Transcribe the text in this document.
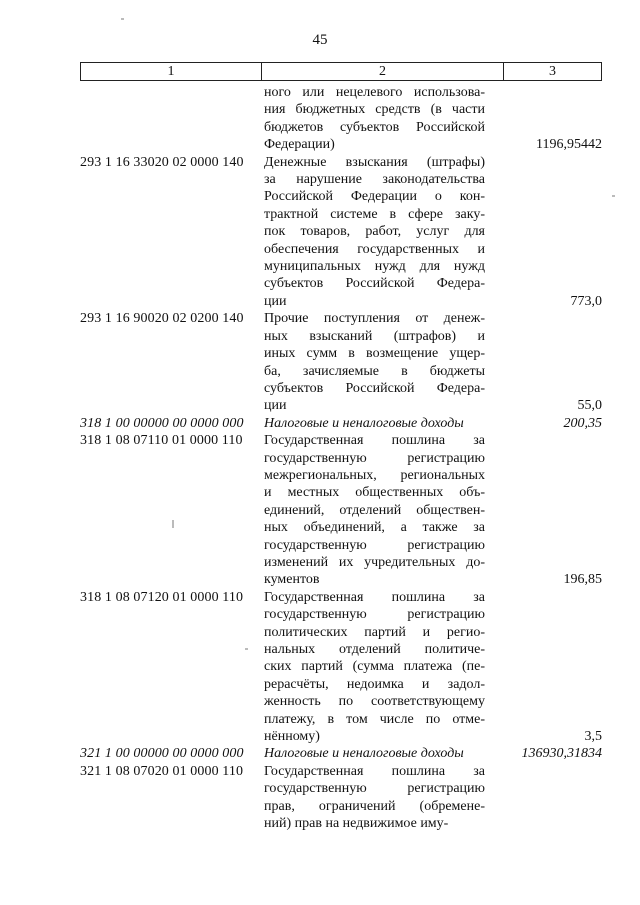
45
1	2	3
ного или нецелевого использова-
ния бюджетных средств (в части
бюджетов субъектов Российской
Федерации)	1196,95442
293 1 16 33020 02 0000 140	Денежные взыскания (штрафы)
за нарушение законодательства
Российской Федерации о кон-
трактной системе в сфере заку-
пок товаров, работ, услуг для
обеспечения государственных и
муниципальных нужд для нужд
субъектов Российской Федера-
ции	773,0
293 1 16 90020 02 0200 140	Прочие поступления от денеж-
ных взысканий (штрафов) и
иных сумм в возмещение ущер-
ба, зачисляемые в бюджеты
субъектов Российской Федера-
ции	55,0
318 1 00 00000 00 0000 000	Налоговые и неналоговые доходы	200,35
318 1 08 07110 01 0000 110	Государственная пошлина за
государственную регистрацию
межрегиональных, региональных
и местных общественных объ-
единений, отделений обществен-
ных объединений, а также за
государственную регистрацию
изменений их учредительных до-
кументов	196,85
318 1 08 07120 01 0000 110	Государственная пошлина за
государственную регистрацию
политических партий и регио-
нальных отделений политиче-
ских партий (сумма платежа (пе-
рерасчёты, недоимка и задол-
женность по соответствующему
платежу, в том числе по отме-
нённому)	3,5
321 1 00 00000 00 0000 000	Налоговые и неналоговые доходы	136930,31834
321 1 08 07020 01 0000 110	Государственная пошлина за
государственную регистрацию
прав, ограничений (обремене-
ний) прав на недвижимое иму-
